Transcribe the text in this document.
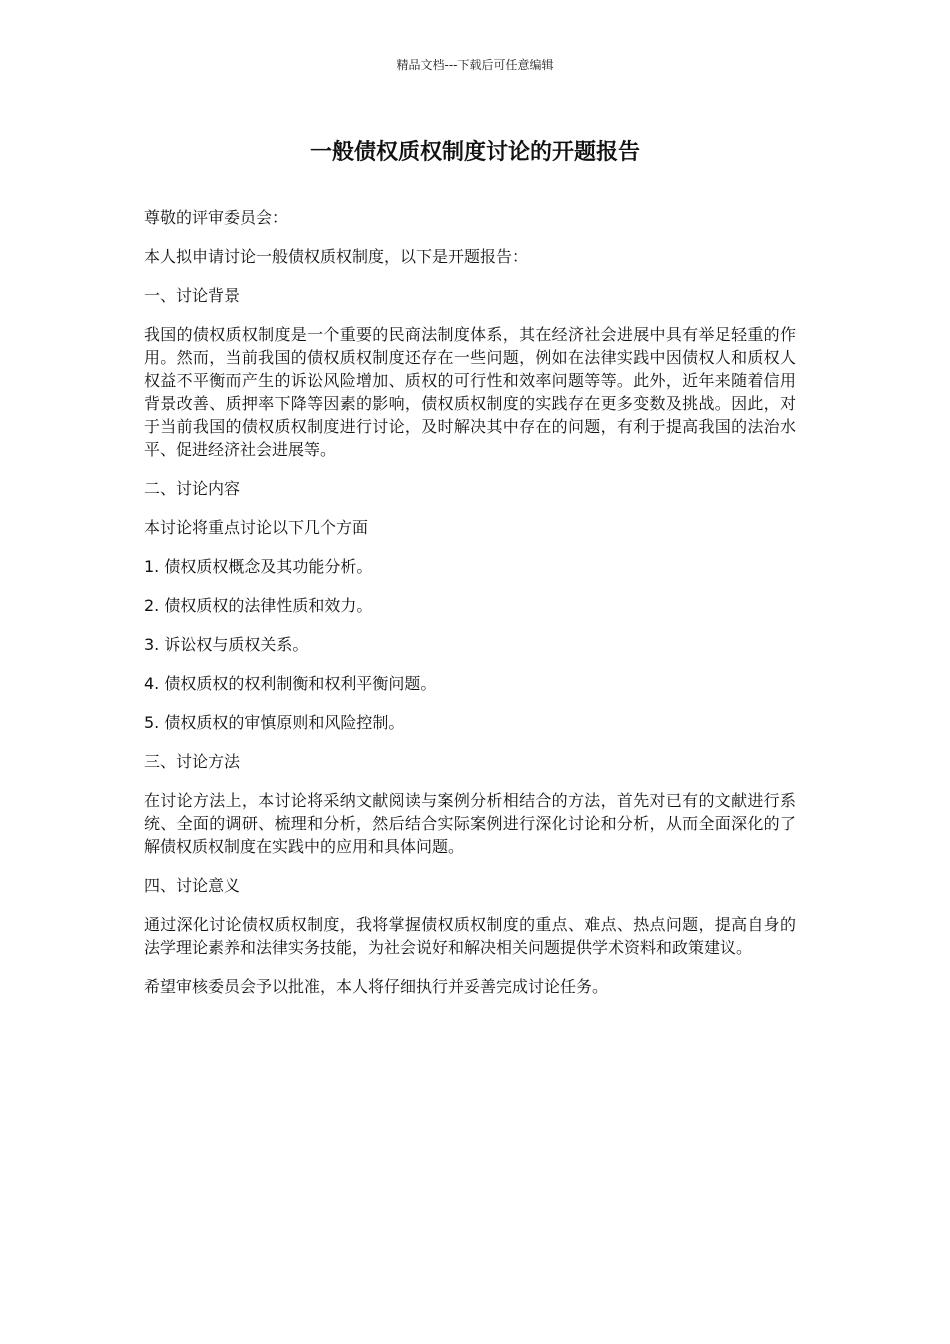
精品文档---下载后可任意编辑
一般债权质权制度讨论的开题报告

尊敬的评审委员会：

本人拟申请讨论一般债权质权制度，以下是开题报告：

一、讨论背景

我国的债权质权制度是一个重要的民商法制度体系，其在经济社会进展中具有举足轻重的作用。然而，当前我国的债权质权制度还存在一些问题，例如在法律实践中因债权人和质权人权益不平衡而产生的诉讼风险增加、质权的可行性和效率问题等等。此外，近年来随着信用背景改善、质押率下降等因素的影响，债权质权制度的实践存在更多变数及挑战。因此，对于当前我国的债权质权制度进行讨论，及时解决其中存在的问题，有利于提高我国的法治水平、促进经济社会进展等。

二、讨论内容

本讨论将重点讨论以下几个方面

1. 债权质权概念及其功能分析。
2. 债权质权的法律性质和效力。
3. 诉讼权与质权关系。
4. 债权质权的权利制衡和权利平衡问题。
5. 债权质权的审慎原则和风险控制。

三、讨论方法

在讨论方法上，本讨论将采纳文献阅读与案例分析相结合的方法，首先对已有的文献进行系统、全面的调研、梳理和分析，然后结合实际案例进行深化讨论和分析，从而全面深化的了解债权质权制度在实践中的应用和具体问题。

四、讨论意义

通过深化讨论债权质权制度，我将掌握债权质权制度的重点、难点、热点问题，提高自身的法学理论素养和法律实务技能，为社会说好和解决相关问题提供学术资料和政策建议。

希望审核委员会予以批准，本人将仔细执行并妥善完成讨论任务。
